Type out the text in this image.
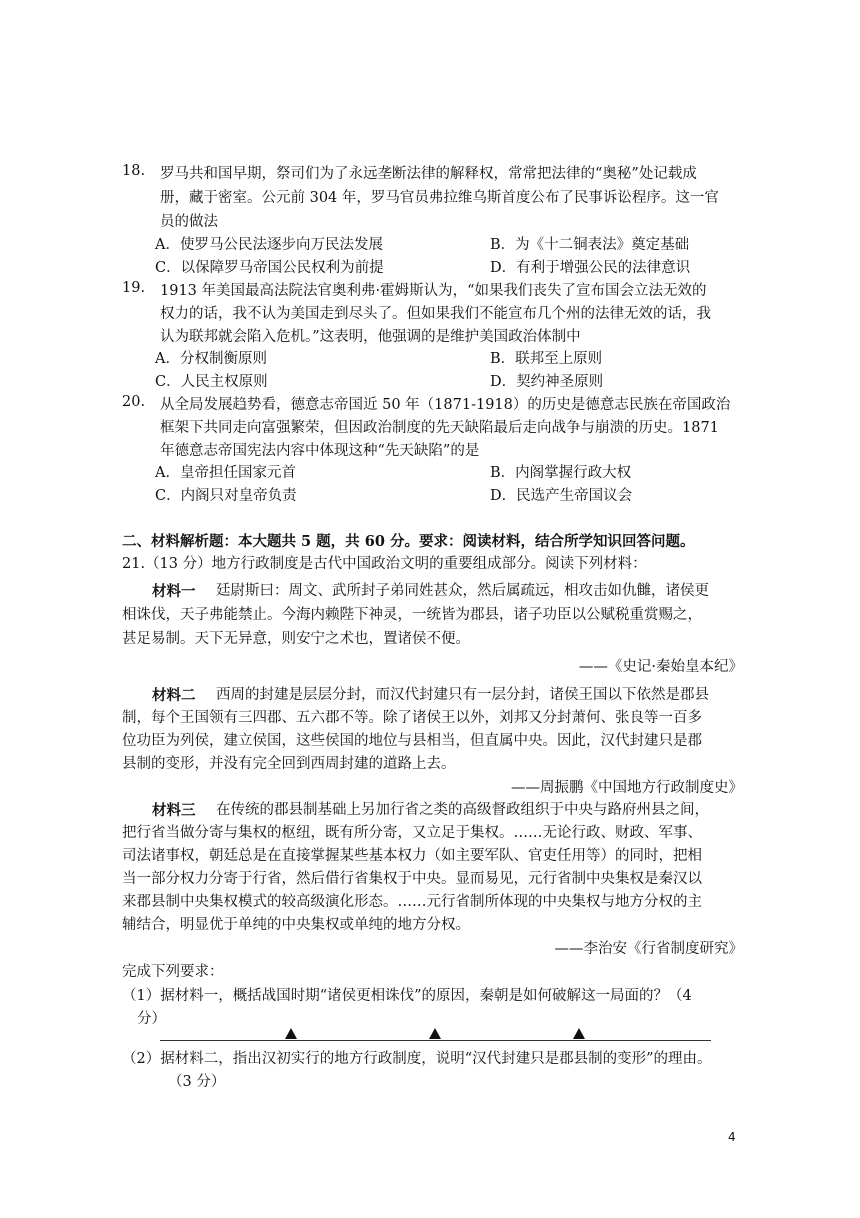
18. 罗马共和国早期，祭司们为了永远垄断法律的解释权，常常把法律的“奥秘”处记载成
册，藏于密室。公元前 304 年，罗马官员弗拉维乌斯首度公布了民事诉讼程序。这一官
员的做法
A．使罗马公民法逐步向万民法发展	B．为《十二铜表法》奠定基础
C．以保障罗马帝国公民权利为前提	D．有利于增强公民的法律意识
19. 1913 年美国最高法院法官奥利弗·霍姆斯认为，“如果我们丧失了宣布国会立法无效的
权力的话，我不认为美国走到尽头了。但如果我们不能宣布几个州的法律无效的话，我
认为联邦就会陷入危机。”这表明，他强调的是维护美国政治体制中
A．分权制衡原则	B．联邦至上原则
C．人民主权原则	D．契约神圣原则
20. 从全局发展趋势看，德意志帝国近 50 年（1871-1918）的历史是德意志民族在帝国政治
框架下共同走向富强繁荣，但因政治制度的先天缺陷最后走向战争与崩溃的历史。1871
年德意志帝国宪法内容中体现这种“先天缺陷”的是
A．皇帝担任国家元首	B．内阁掌握行政大权
C．内阁只对皇帝负责	D．民选产生帝国议会
二、材料解析题：本大题共 5 题，共 60 分。要求：阅读材料，结合所学知识回答问题。
21.（13 分）地方行政制度是古代中国政治文明的重要组成部分。阅读下列材料：
材料一 廷尉斯曰：周文、武所封子弟同姓甚众，然后属疏远，相攻击如仇雠，诸侯更
相诛伐，天子弗能禁止。今海内赖陛下神灵，一统皆为郡县，诸子功臣以公赋税重赏赐之，
甚足易制。天下无异意，则安宁之术也，置诸侯不便。
——《史记·秦始皇本纪》
材料二 西周的封建是层层分封，而汉代封建只有一层分封，诸侯王国以下依然是郡县
制，每个王国领有三四郡、五六郡不等。除了诸侯王以外，刘邦又分封萧何、张良等一百多
位功臣为列侯，建立侯国，这些侯国的地位与县相当，但直属中央。因此，汉代封建只是郡
县制的变形，并没有完全回到西周封建的道路上去。
——周振鹏《中国地方行政制度史》
材料三 在传统的郡县制基础上另加行省之类的高级督政组织于中央与路府州县之间，
把行省当做分寄与集权的枢纽，既有所分寄，又立足于集权。……无论行政、财政、军事、
司法诸事权，朝廷总是在直接掌握某些基本权力（如主要军队、官吏任用等）的同时，把相
当一部分权力分寄于行省，然后借行省集权于中央。显而易见，元行省制中央集权是秦汉以
来郡县制中央集权模式的较高级演化形态。……元行省制所体现的中央集权与地方分权的主
辅结合，明显优于单纯的中央集权或单纯的地方分权。
——李治安《行省制度研究》
完成下列要求：
（1）据材料一，概括战国时期“诸侯更相诛伐”的原因，秦朝是如何破解这一局面的？（4
分）
（2）据材料二，指出汉初实行的地方行政制度，说明“汉代封建只是郡县制的变形”的理由。
（3 分）
4
